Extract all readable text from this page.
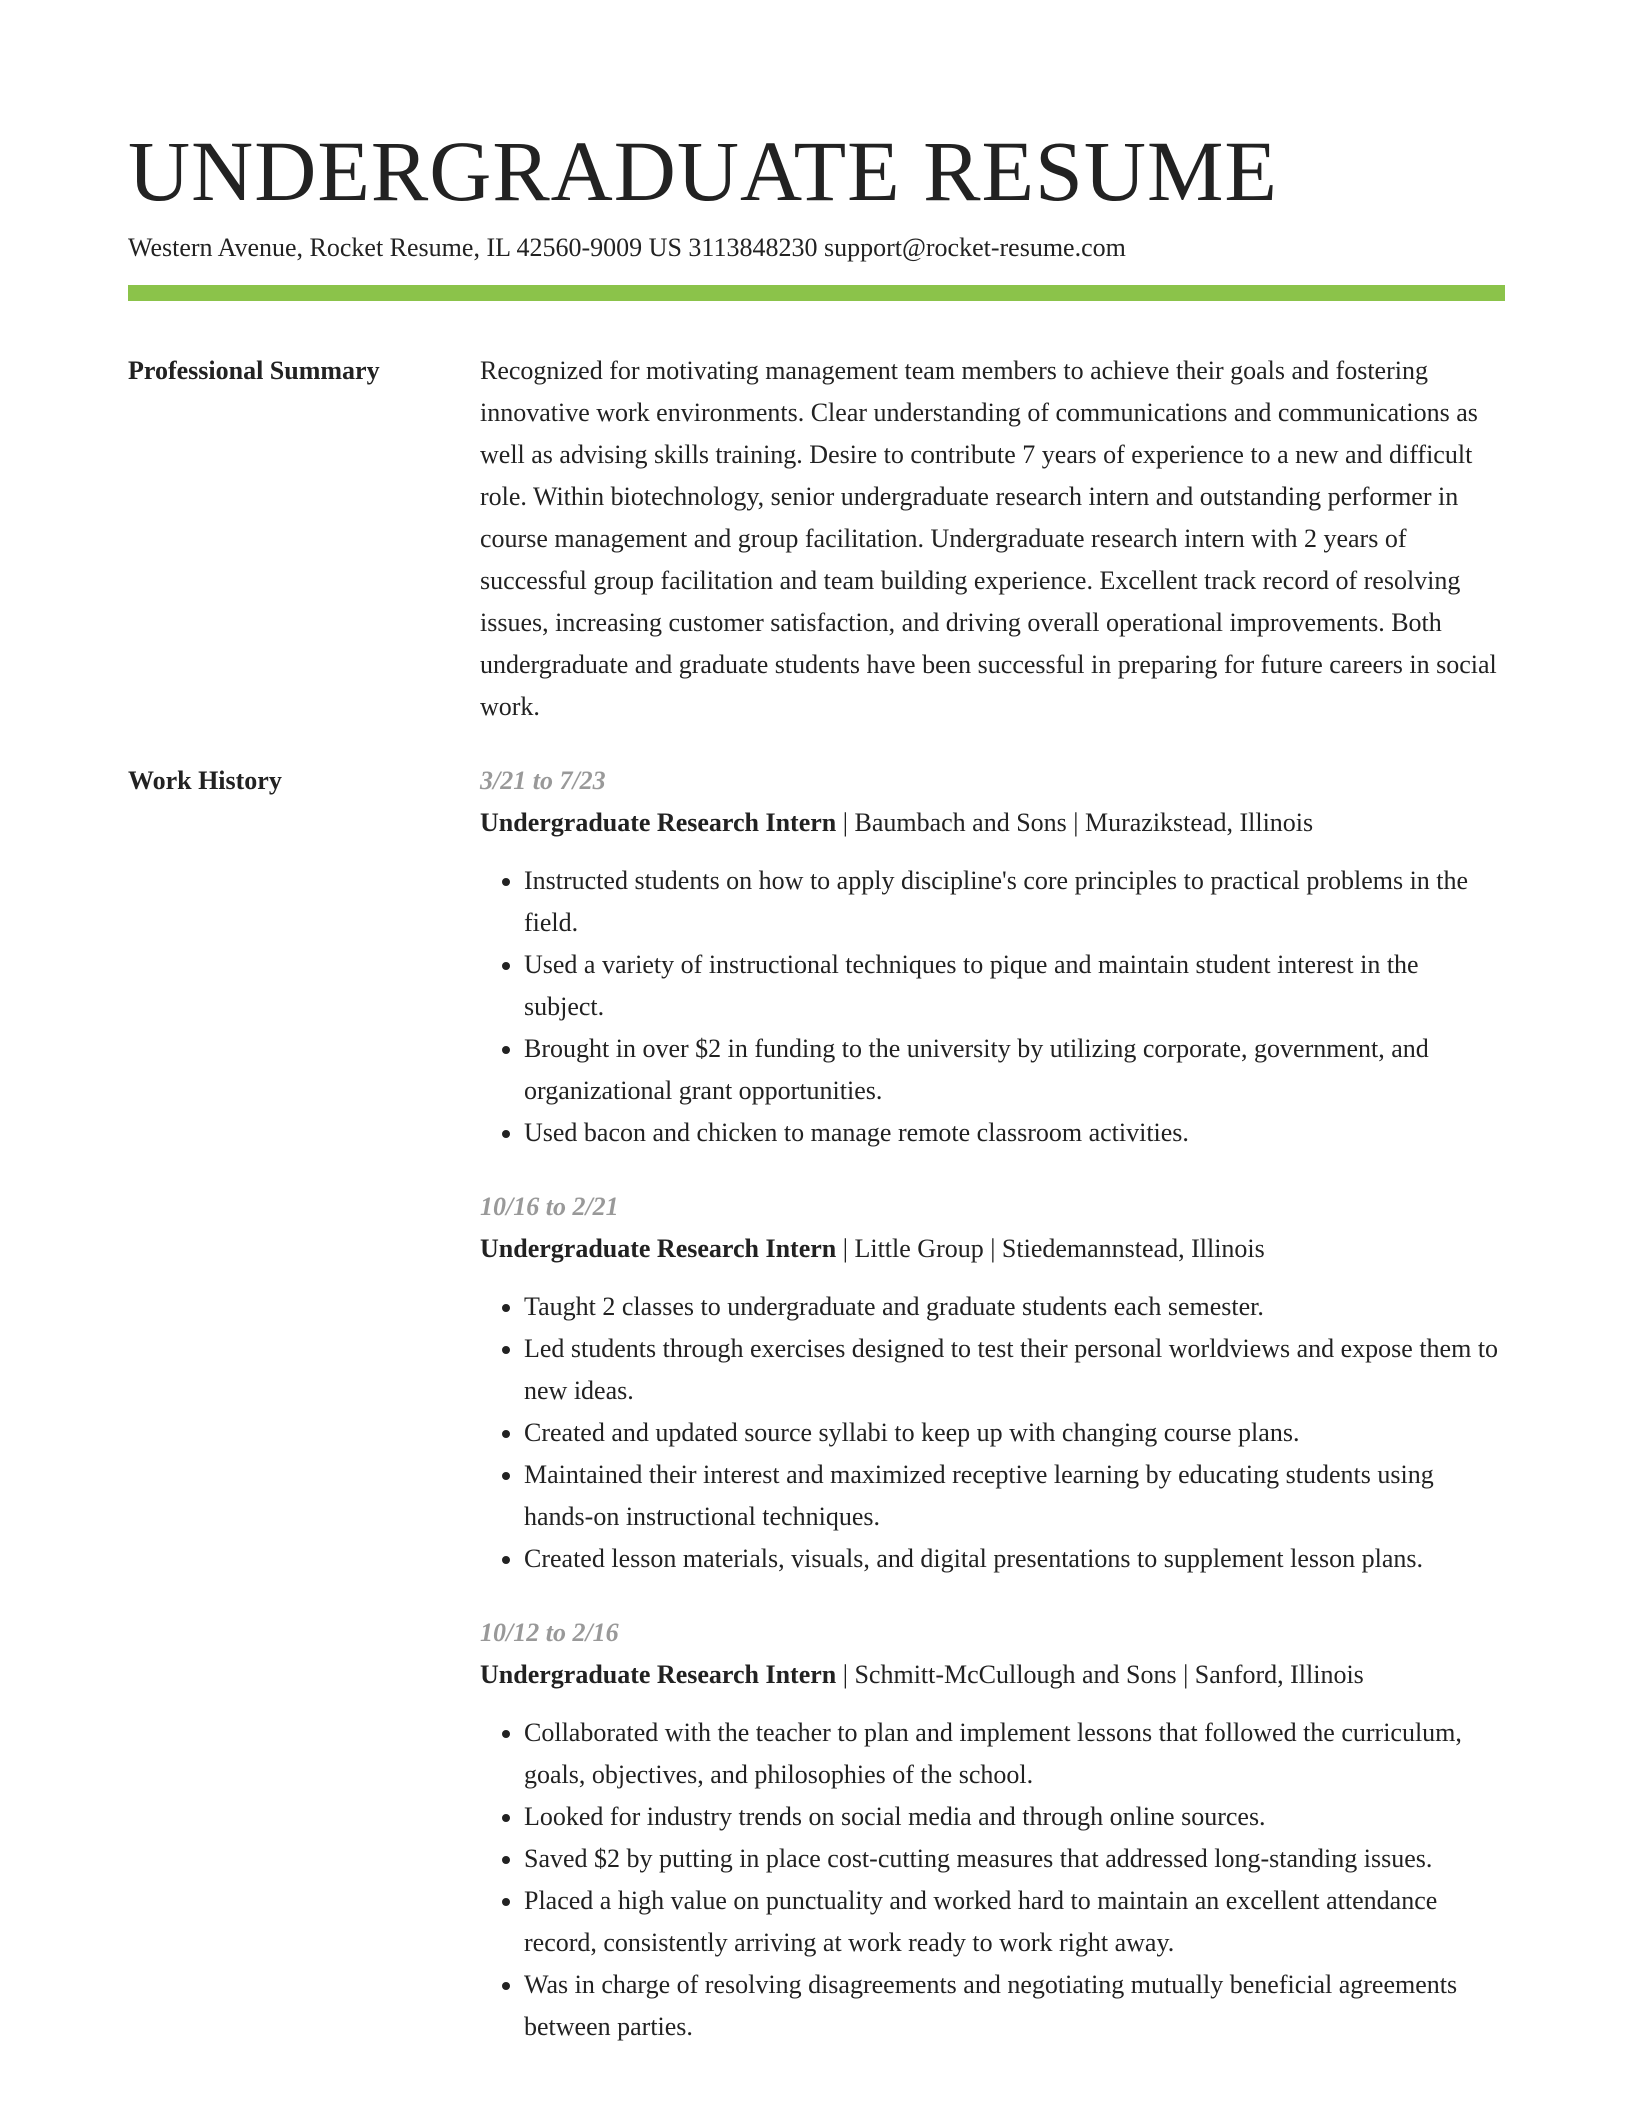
UNDERGRADUATE RESUME
Western Avenue, Rocket Resume, IL 42560-9009 US 3113848230 support@rocket-resume.com
Professional Summary	Recognized for motivating management team members to achieve their goals and fostering innovative work environments. Clear understanding of communications and communications as well as advising skills training. Desire to contribute 7 years of experience to a new and difficult role. Within biotechnology, senior undergraduate research intern and outstanding performer in course management and group facilitation. Undergraduate research intern with 2 years of successful group facilitation and team building experience. Excellent track record of resolving issues, increasing customer satisfaction, and driving overall operational improvements. Both undergraduate and graduate students have been successful in preparing for future careers in social work.

Work History	3/21 to 7/23

Undergraduate Research Intern | Baumbach and Sons | Murazikstead, Illinois

• Instructed students on how to apply discipline's core principles to practical problems in the field.
• Used a variety of instructional techniques to pique and maintain student interest in the subject.
• Brought in over $2 in funding to the university by utilizing corporate, government, and organizational grant opportunities.
• Used bacon and chicken to manage remote classroom activities.

10/16 to 2/21

Undergraduate Research Intern | Little Group | Stiedemannstead, Illinois

• Taught 2 classes to undergraduate and graduate students each semester.
• Led students through exercises designed to test their personal worldviews and expose them to new ideas.
• Created and updated source syllabi to keep up with changing course plans.
• Maintained their interest and maximized receptive learning by educating students using hands-on instructional techniques.
• Created lesson materials, visuals, and digital presentations to supplement lesson plans.

10/12 to 2/16

Undergraduate Research Intern | Schmitt-McCullough and Sons | Sanford, Illinois

• Collaborated with the teacher to plan and implement lessons that followed the curriculum, goals, objectives, and philosophies of the school.
• Looked for industry trends on social media and through online sources.
• Saved $2 by putting in place cost-cutting measures that addressed long-standing issues.
• Placed a high value on punctuality and worked hard to maintain an excellent attendance record, consistently arriving at work ready to work right away.
• Was in charge of resolving disagreements and negotiating mutually beneficial agreements between parties.
